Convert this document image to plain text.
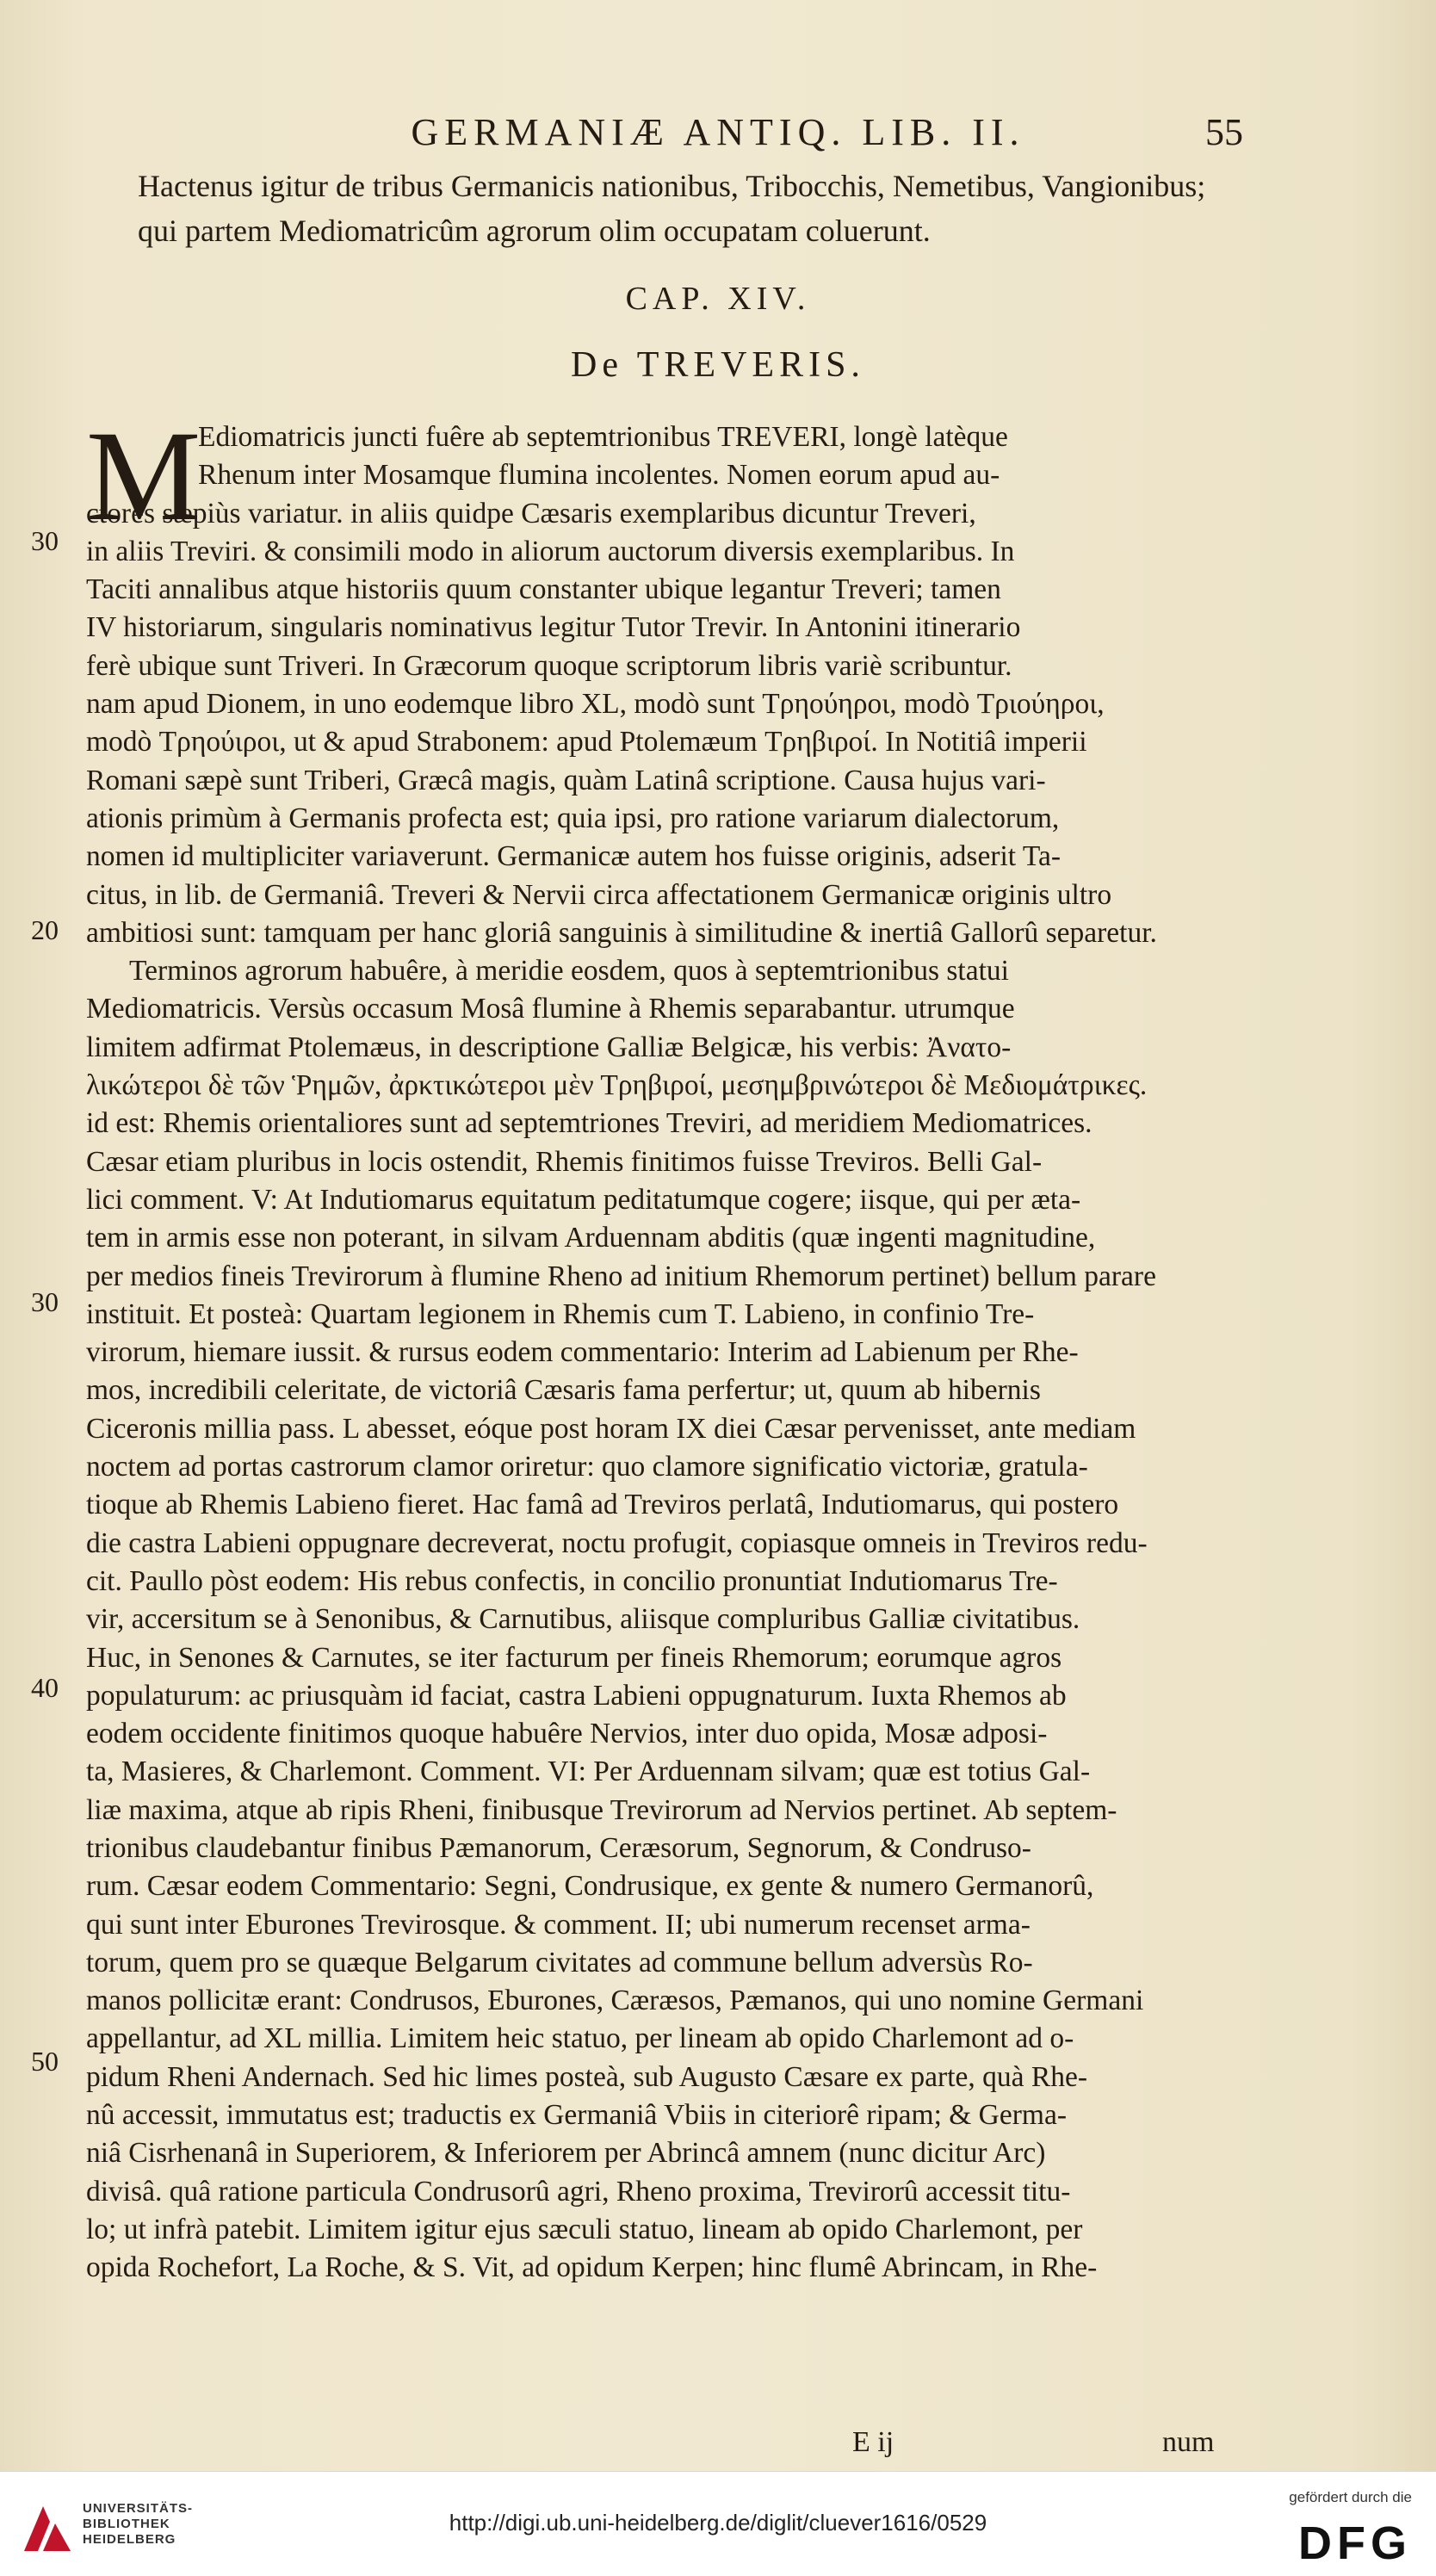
GERMANIÆ ANTIQ. LIB. II.	55
Hactenus igitur de tribus Germanicis nationibus, Tribocchis, Nemetibus, Vangionibus; qui partem Mediomatricûm agrorum olim occupatam coluerunt.
CAP. XIV.
De TREVERIS.
M
Ediomatricis juncti fuêre ab septemtrionibus TREVERI, longè latèque
Rhenum inter Mosamque flumina incolentes. Nomen eorum apud au-
ctores sæpiùs variatur. in aliis quidpe Cæsaris exemplaribus dicuntur Treveri,
in aliis Treviri. & consimili modo in aliorum auctorum diversis exemplaribus. In
Taciti annalibus atque historiis quum constanter ubique legantur Treveri; tamen
IV historiarum, singularis nominativus legitur Tutor Trevir. In Antonini itinerario
ferè ubique sunt Triveri. In Græcorum quoque scriptorum libris variè scribuntur.
nam apud Dionem, in uno eodemque libro XL, modò sunt Τρηούηροι, modò Τριούηροι,
modò Τρηούιροι, ut & apud Strabonem: apud Ptolemæum Τρηβιροί. In Notitiâ imperii
Romani sæpè sunt Triberi, Græcâ magis, quàm Latinâ scriptione. Causa hujus vari-
ationis primùm à Germanis profecta est; quia ipsi, pro ratione variarum dialectorum,
nomen id multipliciter variaverunt. Germanicæ autem hos fuisse originis, adserit Ta-
citus, in lib. de Germaniâ. Treveri & Nervii circa affectationem Germanicæ originis ultro
ambitiosi sunt: tamquam per hanc gloriâ sanguinis à similitudine & inertiâ Gallorû separetur.
Terminos agrorum habuêre, à meridie eosdem, quos à septemtrionibus statui
Mediomatricis. Versùs occasum Mosâ flumine à Rhemis separabantur. utrumque
limitem adfirmat Ptolemæus, in descriptione Galliæ Belgicæ, his verbis: Ἀνατο-
λικώτεροι δὲ τῶν Ῥημῶν, ἀρκτικώτεροι μὲν Τρηβιροί, μεσημβρινώτεροι δὲ Μεδιομάτρικες.
id est: Rhemis orientaliores sunt ad septemtriones Treviri, ad meridiem Mediomatrices.
Cæsar etiam pluribus in locis ostendit, Rhemis finitimos fuisse Treviros. Belli Gal-
lici comment. V: At Indutiomarus equitatum peditatumque cogere; iisque, qui per æta-
tem in armis esse non poterant, in silvam Arduennam abditis (quæ ingenti magnitudine,
per medios fineis Trevirorum à flumine Rheno ad initium Rhemorum pertinet) bellum parare
instituit. Et posteà: Quartam legionem in Rhemis cum T. Labieno, in confinio Tre-
virorum, hiemare iussit. & rursus eodem commentario: Interim ad Labienum per Rhe-
mos, incredibili celeritate, de victoriâ Cæsaris fama perfertur; ut, quum ab hibernis
Ciceronis millia pass. L abesset, eóque post horam IX diei Cæsar pervenisset, ante mediam
noctem ad portas castrorum clamor oriretur: quo clamore significatio victoriæ, gratula-
tioque ab Rhemis Labieno fieret. Hac famâ ad Treviros perlatâ, Indutiomarus, qui postero
die castra Labieni oppugnare decreverat, noctu profugit, copiasque omneis in Treviros redu-
cit. Paullo pòst eodem: His rebus confectis, in concilio pronuntiat Indutiomarus Tre-
vir, accersitum se à Senonibus, & Carnutibus, aliisque compluribus Galliæ civitatibus.
Huc, in Senones & Carnutes, se iter facturum per fineis Rhemorum; eorumque agros
populaturum: ac priusquàm id faciat, castra Labieni oppugnaturum. Iuxta Rhemos ab
eodem occidente finitimos quoque habuêre Nervios, inter duo opida, Mosæ adposi-
ta, Masieres, & Charlemont. Comment. VI: Per Arduennam silvam; quæ est totius Gal-
liæ maxima, atque ab ripis Rheni, finibusque Trevirorum ad Nervios pertinet. Ab septem-
trionibus claudebantur finibus Pæmanorum, Ceræsorum, Segnorum, & Condruso-
rum. Cæsar eodem Commentario: Segni, Condrusique, ex gente & numero Germanorû,
qui sunt inter Eburones Trevirosque. & comment. II; ubi numerum recenset arma-
torum, quem pro se quæque Belgarum civitates ad commune bellum adversùs Ro-
manos pollicitæ erant: Condrusos, Eburones, Cæræsos, Pæmanos, qui uno nomine Germani
appellantur, ad XL millia. Limitem heic statuo, per lineam ab opido Charlemont ad o-
pidum Rheni Andernach. Sed hic limes posteà, sub Augusto Cæsare ex parte, quà Rhe-
nû accessit, immutatus est; traductis ex Germaniâ Vbiis in citeriorê ripam; & Germa-
niâ Cisrhenanâ in Superiorem, & Inferiorem per Abrincâ amnem (nunc dicitur Arc)
divisâ. quâ ratione particula Condrusorû agri, Rheno proxima, Trevirorû accessit titu-
lo; ut infrà patebit. Limitem igitur ejus sæculi statuo, lineam ab opido Charlemont, per
opida Rochefort, La Roche, & S. Vit, ad opidum Kerpen; hinc flumê Abrincam, in Rhe-
30
20
30
40
50
E ij	num
UNIVERSITÄTS-
BIBLIOTHEK
HEIDELBERG
http://digi.ub.uni-heidelberg.de/diglit/cluever1616/0529
gefördert durch die
DFG
